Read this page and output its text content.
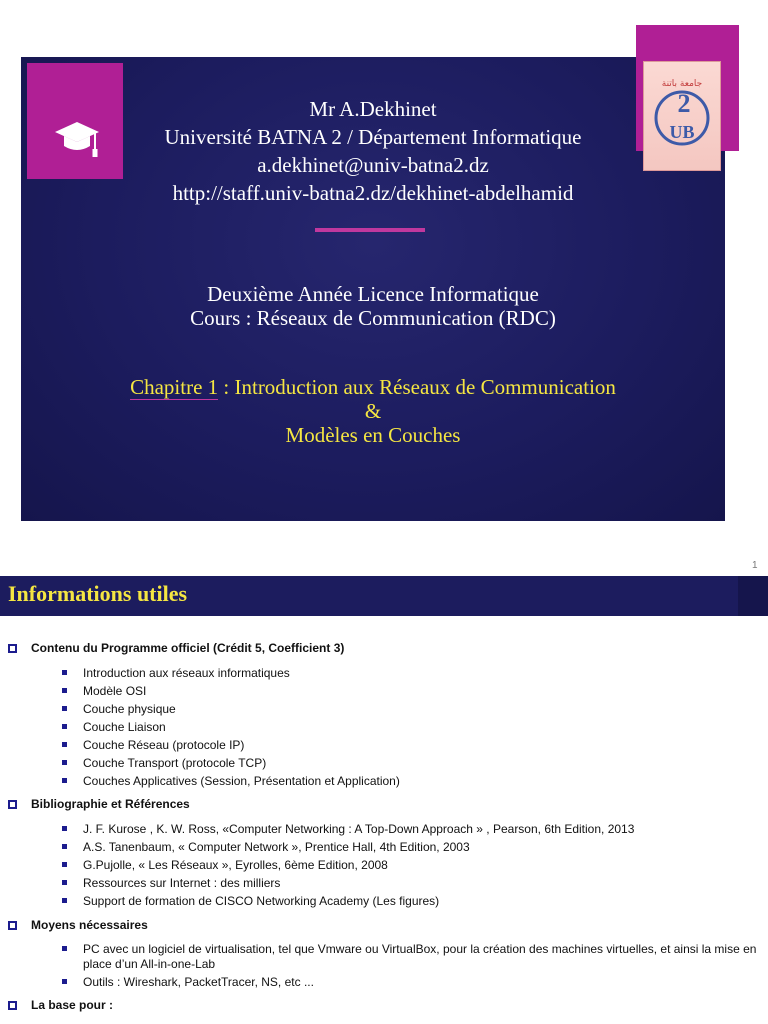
2
UB
جامعة باتنة
Mr A.Dekhinet
Université BATNA 2 / Département Informatique
a.dekhinet@univ-batna2.dz
http://staff.univ-batna2.dz/dekhinet-abdelhamid
Deuxième Année Licence Informatique
Cours : Réseaux de Communication (RDC)
Chapitre 1 : Introduction aux Réseaux de Communication
&
Modèles en Couches
1
Informations utiles
Contenu du Programme officiel (Crédit 5, Coefficient 3)
Introduction aux réseaux informatiques
Modèle OSI
Couche physique
Couche Liaison
Couche Réseau (protocole IP)
Couche Transport (protocole TCP)
Couches Applicatives (Session, Présentation et Application)
Bibliographie et Références
J. F. Kurose , K. W. Ross, «Computer Networking : A Top-Down Approach » , Pearson, 6th Edition, 2013
A.S. Tanenbaum, « Computer Network », Prentice Hall, 4th Edition, 2003
G.Pujolle, « Les Réseaux », Eyrolles, 6ème Edition, 2008
Ressources sur Internet : des milliers
Support de formation de CISCO Networking Academy (Les figures)
Moyens nécessaires
PC avec un logiciel de virtualisation, tel que Vmware ou VirtualBox, pour la création des machines virtuelles, et ainsi la mise en place d’un All-in-one-Lab
Outils : Wireshark, PacketTracer, NS, etc ...
La base pour :
